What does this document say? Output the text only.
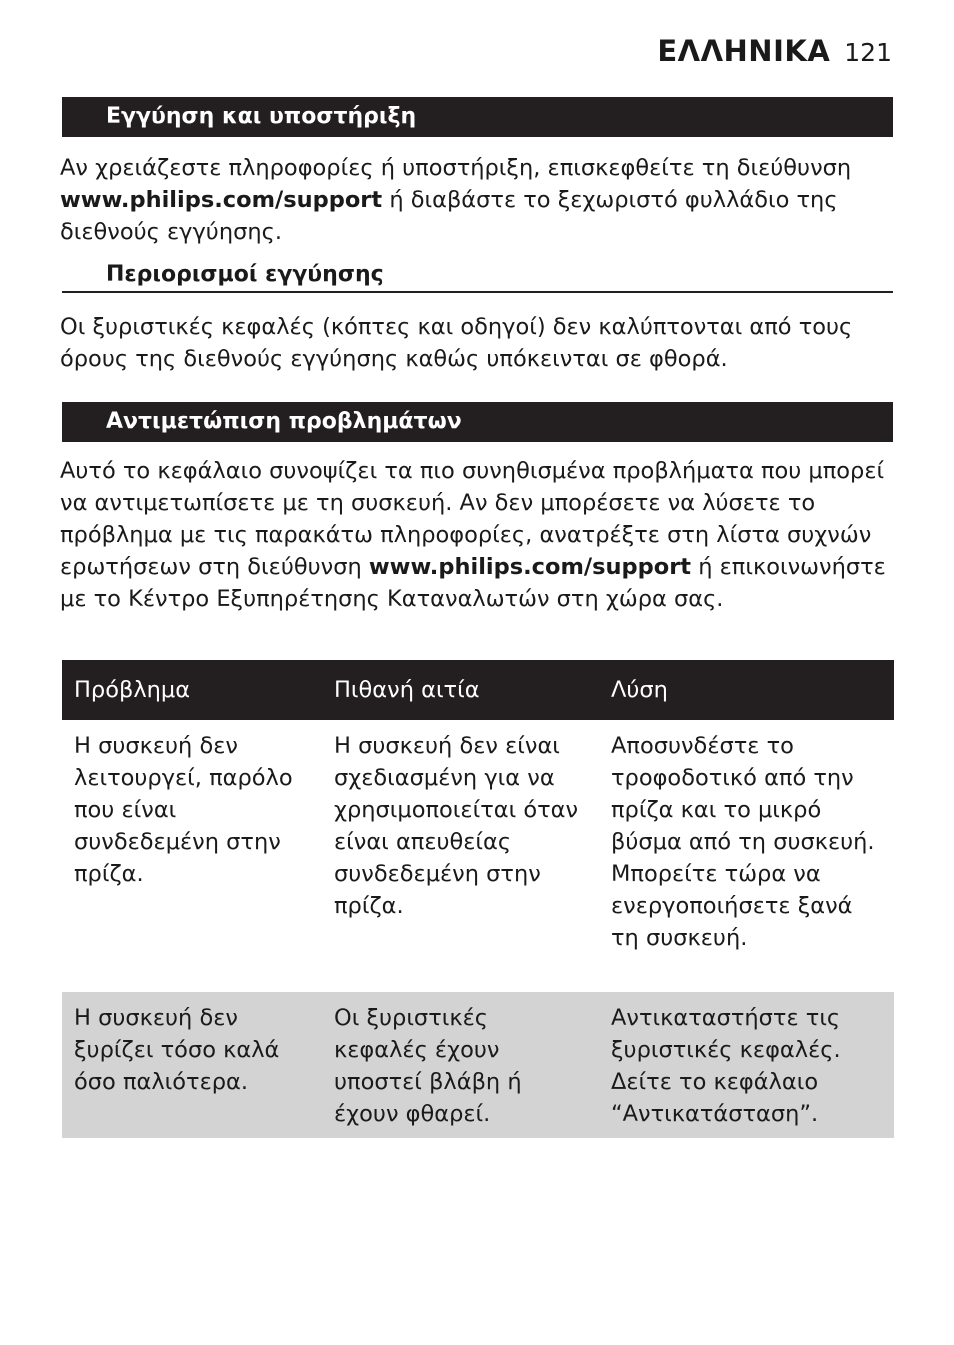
ΕΛΛΗΝΙΚΑ 121
Εγγύηση και υποστήριξη

Αν χρειάζεστε πληροφορίες ή υποστήριξη, επισκεφθείτε τη διεύθυνση www.philips.com/support ή διαβάστε το ξεχωριστό φυλλάδιο της διεθνούς εγγύησης.

Περιορισμοί εγγύησης

Οι ξυριστικές κεφαλές (κόπτες και οδηγοί) δεν καλύπτονται από τους όρους της διεθνούς εγγύησης καθώς υπόκεινται σε φθορά.

Αντιμετώπιση προβλημάτων

Αυτό το κεφάλαιο συνοψίζει τα πιο συνηθισμένα προβλήματα που μπορεί να αντιμετωπίσετε με τη συσκευή. Αν δεν μπορέσετε να λύσετε το πρόβλημα με τις παρακάτω πληροφορίες, ανατρέξτε στη λίστα συχνών ερωτήσεων στη διεύθυνση www.philips.com/support ή επικοινωνήστε με το Κέντρο Εξυπηρέτησης Καταναλωτών στη χώρα σας.

Πρόβλημα	Πιθανή αιτία	Λύση
Η συσκευή δεν λειτουργεί, παρόλο που είναι συνδεδεμένη στην πρίζα.	Η συσκευή δεν είναι σχεδιασμένη για να χρησιμοποιείται όταν είναι απευθείας συνδεδεμένη στην πρίζα.	Αποσυνδέστε το τροφοδοτικό από την πρίζα και το μικρό βύσμα από τη συσκευή. Μπορείτε τώρα να ενεργοποιήσετε ξανά τη συσκευή.
Η συσκευή δεν ξυρίζει τόσο καλά όσο παλιότερα.	Οι ξυριστικές κεφαλές έχουν υποστεί βλάβη ή έχουν φθαρεί.	Αντικαταστήστε τις ξυριστικές κεφαλές. Δείτε το κεφάλαιο “Αντικατάσταση”.
